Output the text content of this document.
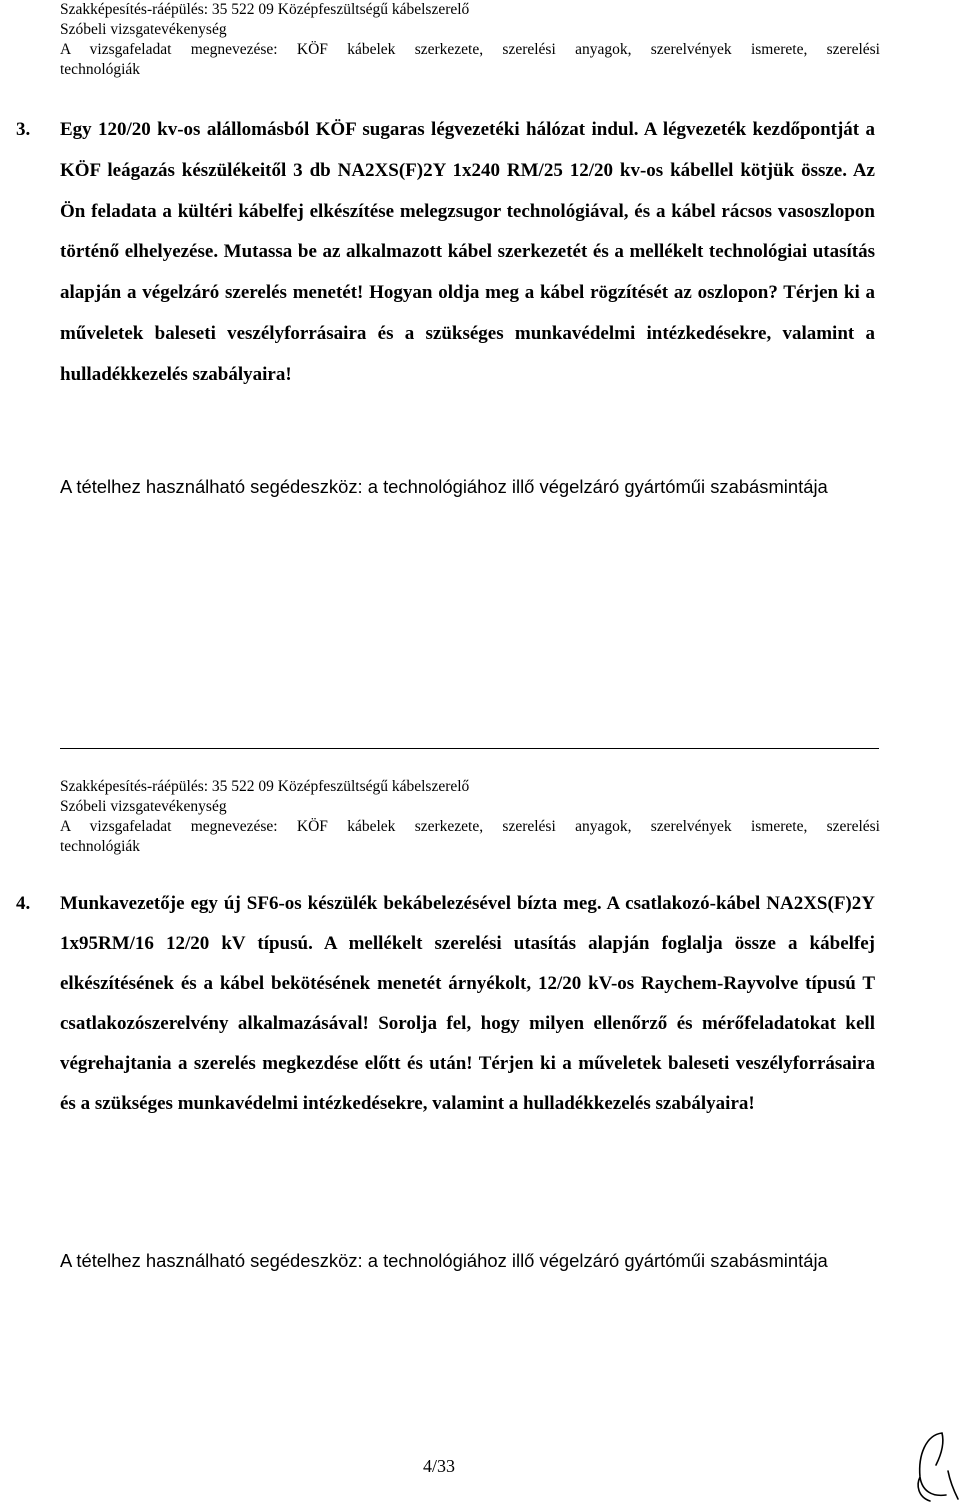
Szakképesítés-ráépülés: 35 522 09 Középfeszültségű kábelszerelő
Szóbeli vizsgatevékenység
A vizsgafeladat megnevezése: KÖF kábelek szerkezete, szerelési anyagok, szerelvények ismerete, szerelési
technológiák
3. Egy 120/20 kv-os alállomásból KÖF sugaras légvezetéki hálózat indul. A légvezeték kezdőpontját a KÖF leágazás készülékeitől 3 db NA2XS(F)2Y 1x240 RM/25 12/20 kv-os kábellel kötjük össze. Az Ön feladata a kültéri kábelfej elkészítése melegzsugor technológiával, és a kábel rácsos vasoszlopon történő elhelyezése. Mutassa be az alkalmazott kábel szerkezetét és a mellékelt technológiai utasítás alapján a végelzáró szerelés menetét! Hogyan oldja meg a kábel rögzítését az oszlopon? Térjen ki a műveletek baleseti veszélyforrásaira és a szükséges munkavédelmi intézkedésekre, valamint a hulladékkezelés szabályaira!
A tételhez használható segédeszköz: a technológiához illő végelzáró gyártóműi szabásmintája
Szakképesítés-ráépülés: 35 522 09 Középfeszültségű kábelszerelő
Szóbeli vizsgatevékenység
A vizsgafeladat megnevezése: KÖF kábelek szerkezete, szerelési anyagok, szerelvények ismerete, szerelési
technológiák
4. Munkavezetője egy új SF6-os készülék bekábelezésével bízta meg. A csatlakozó-kábel NA2XS(F)2Y 1x95RM/16 12/20 kV típusú. A mellékelt szerelési utasítás alapján foglalja össze a kábelfej elkészítésének és a kábel bekötésének menetét árnyékolt, 12/20 kV-os Raychem-Rayvolve típusú T csatlakozószerelvény alkalmazásával! Sorolja fel, hogy milyen ellenőrző és mérőfeladatokat kell végrehajtania a szerelés megkezdése előtt és után! Térjen ki a műveletek baleseti veszélyforrásaira és a szükséges munkavédelmi intézkedésekre, valamint a hulladékkezelés szabályaira!
A tételhez használható segédeszköz: a technológiához illő végelzáró gyártóműi szabásmintája
4/33
